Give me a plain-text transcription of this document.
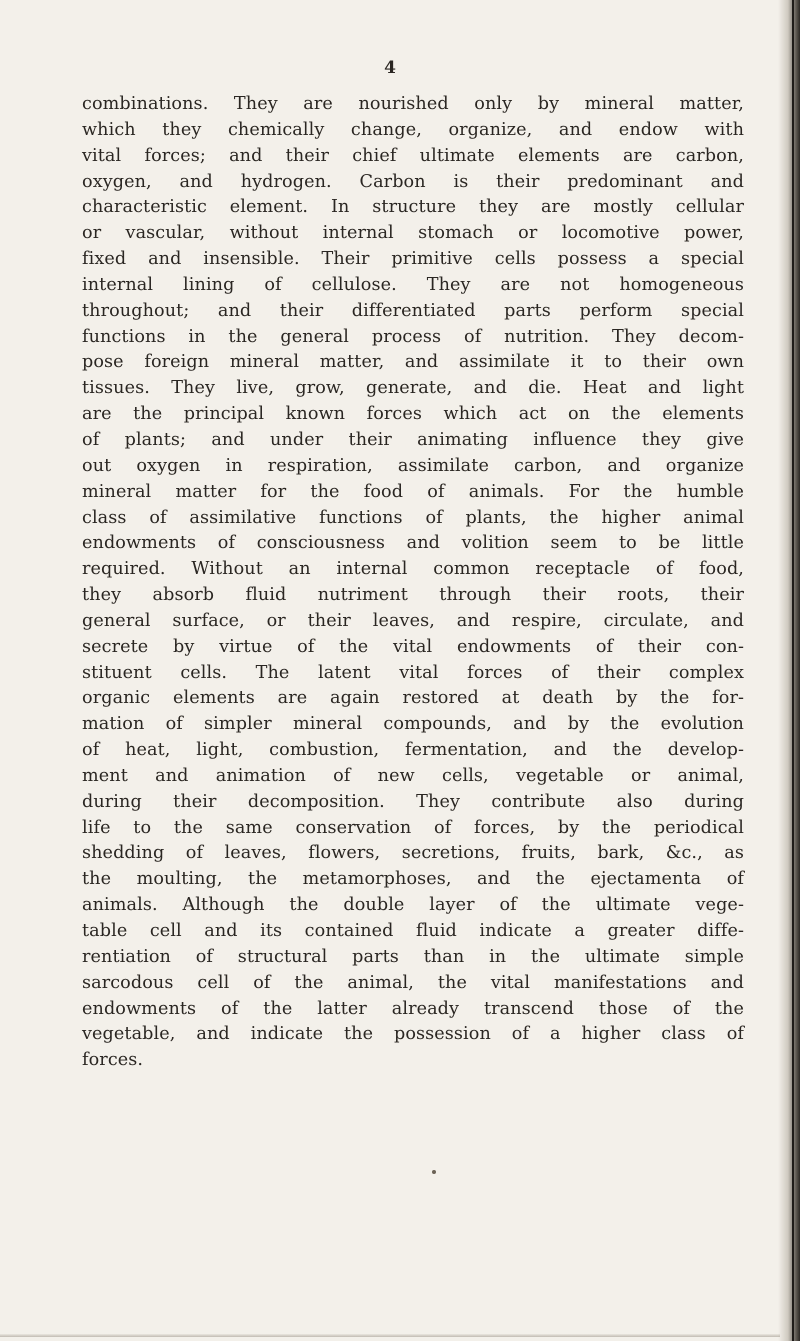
4
combinations. They are nourished only by mineral matter,
which they chemically change, organize, and endow with
vital forces; and their chief ultimate elements are carbon,
oxygen, and hydrogen. Carbon is their predominant and
characteristic element. In structure they are mostly cellular
or vascular, without internal stomach or locomotive power,
fixed and insensible. Their primitive cells possess a special
internal lining of cellulose. They are not homogeneous
throughout; and their differentiated parts perform special
functions in the general process of nutrition. They decom-
pose foreign mineral matter, and assimilate it to their own
tissues. They live, grow, generate, and die. Heat and light
are the principal known forces which act on the elements
of plants; and under their animating influence they give
out oxygen in respiration, assimilate carbon, and organize
mineral matter for the food of animals. For the humble
class of assimilative functions of plants, the higher animal
endowments of consciousness and volition seem to be little
required. Without an internal common receptacle of food,
they absorb fluid nutriment through their roots, their
general surface, or their leaves, and respire, circulate, and
secrete by virtue of the vital endowments of their con-
stituent cells. The latent vital forces of their complex
organic elements are again restored at death by the for-
mation of simpler mineral compounds, and by the evolution
of heat, light, combustion, fermentation, and the develop-
ment and animation of new cells, vegetable or animal,
during their decomposition. They contribute also during
life to the same conservation of forces, by the periodical
shedding of leaves, flowers, secretions, fruits, bark, &c., as
the moulting, the metamorphoses, and the ejectamenta of
animals. Although the double layer of the ultimate vege-
table cell and its contained fluid indicate a greater diffe-
rentiation of structural parts than in the ultimate simple
sarcodous cell of the animal, the vital manifestations and
endowments of the latter already transcend those of the
vegetable, and indicate the possession of a higher class of
forces.
